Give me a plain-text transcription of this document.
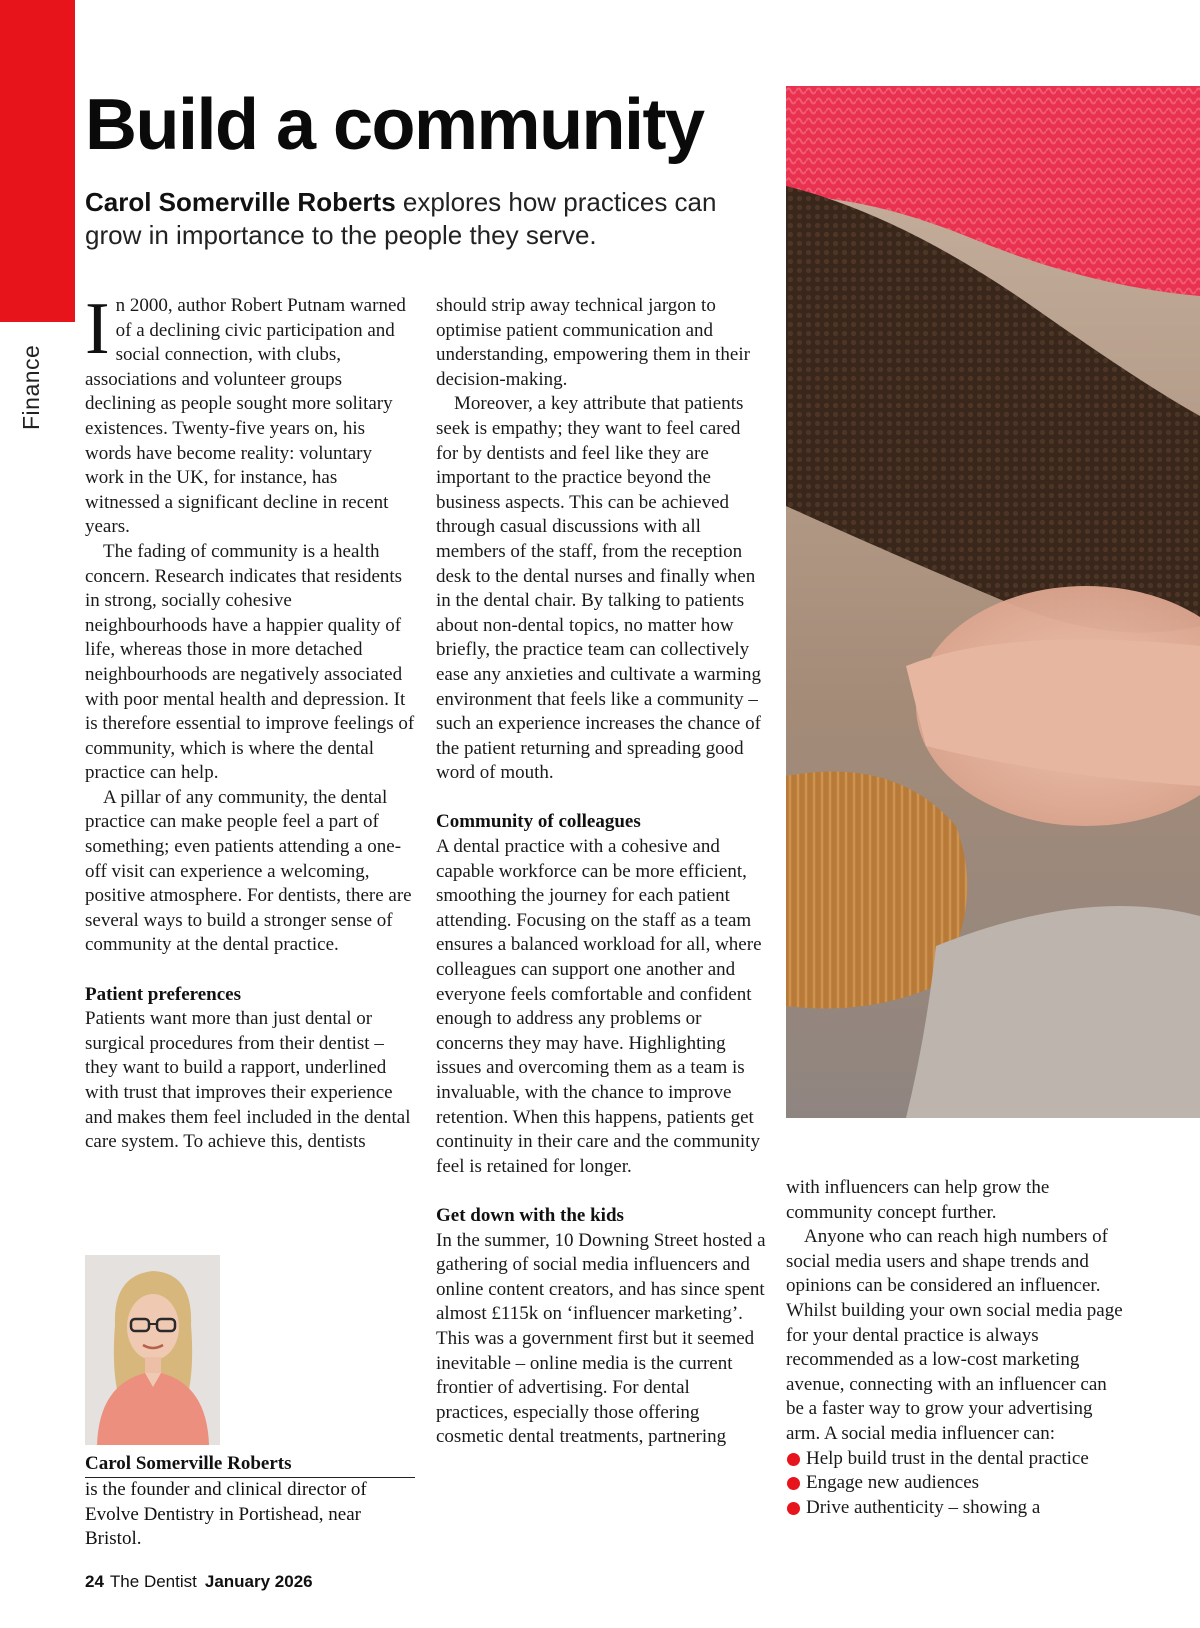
Finance
Build a community
Carol Somerville Roberts explores how practices can grow in importance to the people they serve.
I n 2000, author Robert Putnam warned of a declining civic participation and social connection, with clubs, associations and volunteer groups declining as people sought more solitary existences. Twenty-five years on, his words have become reality: voluntary work in the UK, for instance, has witnessed a significant decline in recent years.

The fading of community is a health concern. Research indicates that residents in strong, socially cohesive neighbourhoods have a happier quality of life, whereas those in more detached neighbourhoods are negatively associated with poor mental health and depression. It is therefore essential to improve feelings of community, which is where the dental practice can help.

A pillar of any community, the dental practice can make people feel a part of something; even patients attending a one-off visit can experience a welcoming, positive atmosphere. For dentists, there are several ways to build a stronger sense of community at the dental practice.

Patient preferences

Patients want more than just dental or surgical procedures from their dentist – they want to build a rapport, underlined with trust that improves their experience and makes them feel included in the dental care system. To achieve this, dentists

should strip away technical jargon to optimise patient communication and understanding, empowering them in their decision-making.

Moreover, a key attribute that patients seek is empathy; they want to feel cared for by dentists and feel like they are important to the practice beyond the business aspects. This can be achieved through casual discussions with all members of the staff, from the reception desk to the dental nurses and finally when in the dental chair. By talking to patients about non-dental topics, no matter how briefly, the practice team can collectively ease any anxieties and cultivate a warming environment that feels like a community – such an experience increases the chance of the patient returning and spreading good word of mouth.

Community of colleagues

A dental practice with a cohesive and capable workforce can be more efficient, smoothing the journey for each patient attending. Focusing on the staff as a team ensures a balanced workload for all, where colleagues can support one another and everyone feels comfortable and confident enough to address any problems or concerns they may have. Highlighting issues and overcoming them as a team is invaluable, with the chance to improve retention. When this happens, patients get continuity in their care and the community feel is retained for longer.

Get down with the kids

In the summer, 10 Downing Street hosted a gathering of social media influencers and online content creators, and has since spent almost £115k on ‘influencer marketing’. This was a government first but it seemed inevitable – online media is the current frontier of advertising. For dental practices, especially those offering cosmetic dental treatments, partnering

with influencers can help grow the community concept further.

Anyone who can reach high numbers of social media users and shape trends and opinions can be considered an influencer. Whilst building your own social media page for your dental practice is always recommended as a low-cost marketing avenue, connecting with an influencer can be a faster way to grow your advertising arm. A social media influencer can:

Help build trust in the dental practice
Engage new audiences
Drive authenticity – showing a
Carol Somerville Roberts
is the founder and clinical director of Evolve Dentistry in Portishead, near Bristol.
24 The Dentist January 2026
